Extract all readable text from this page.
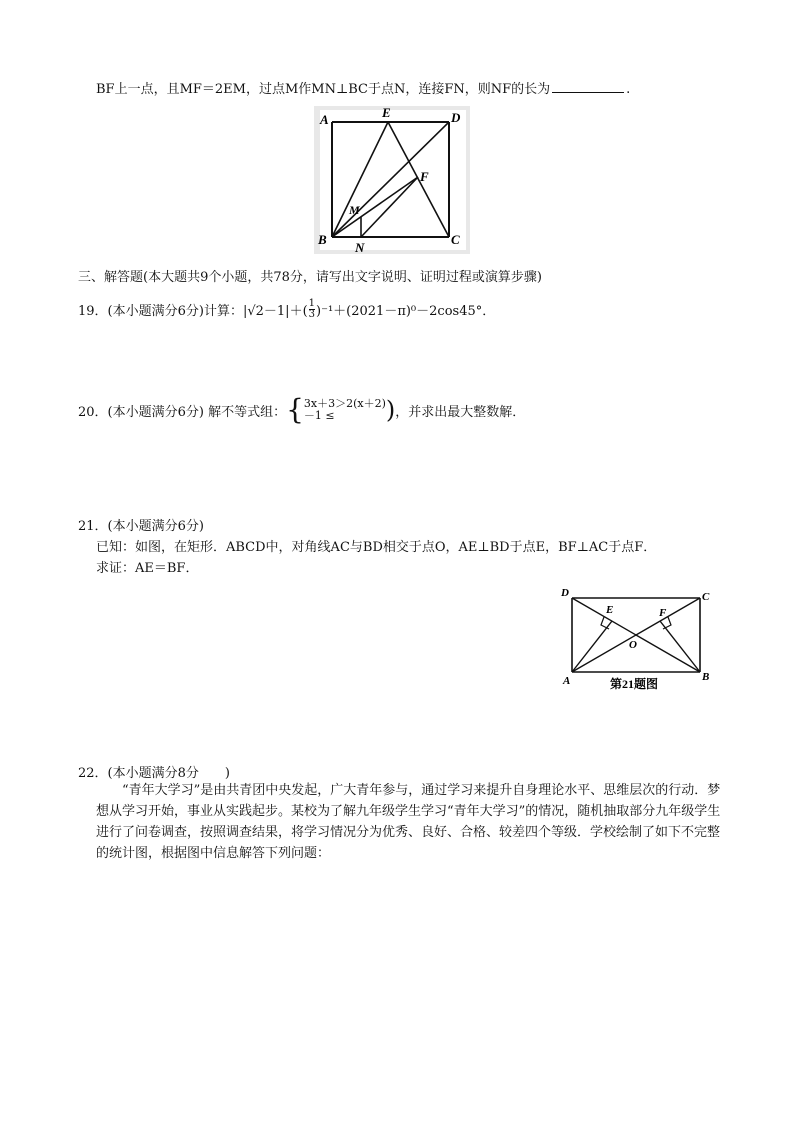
BF上一点，且MF＝2EM，过点M作MN⊥BC于点N，连接FN，则NF的长为	.
A	E	D
F
M
B
N
C
三、解答题(本大题共9个小题，共78分，请写出文字说明、证明过程或演算步骤)
19．(本小题满分6分)计算： |√2－1| ＋( $\frac{1}{3} )^{-1}+(2021-\pi)^0-2\cos 45^\circ$．
20．(本小题满分6分) 解不等式组： { 3x＋3＞2(x＋2)
－1 ≤	) ，并求出最大整数解．
21．(本小题满分6分)
已知：如图，在矩形．ABCD中，对角线AC与BD相交于点O，AE⊥BD于点E，BF⊥AC于点F．
求证：AE＝BF．
D	C
E	F
O
A	B
第21题图
22．(本小题满分8分　　)
“青年大学习”是由共青团中央发起，广大青年参与，通过学习来提升自身理论水平、思维层次的行动．梦想从学习开始，事业从实践起步。某校为了解九年级学生学习“青年大学习”的情况，随机抽取部分九年级学生进行了问卷调查，按照调查结果，将学习情况分为优秀、良好、合格、较差四个等级．学校绘制了如下不完整的统计图，根据图中信息解答下列问题：
